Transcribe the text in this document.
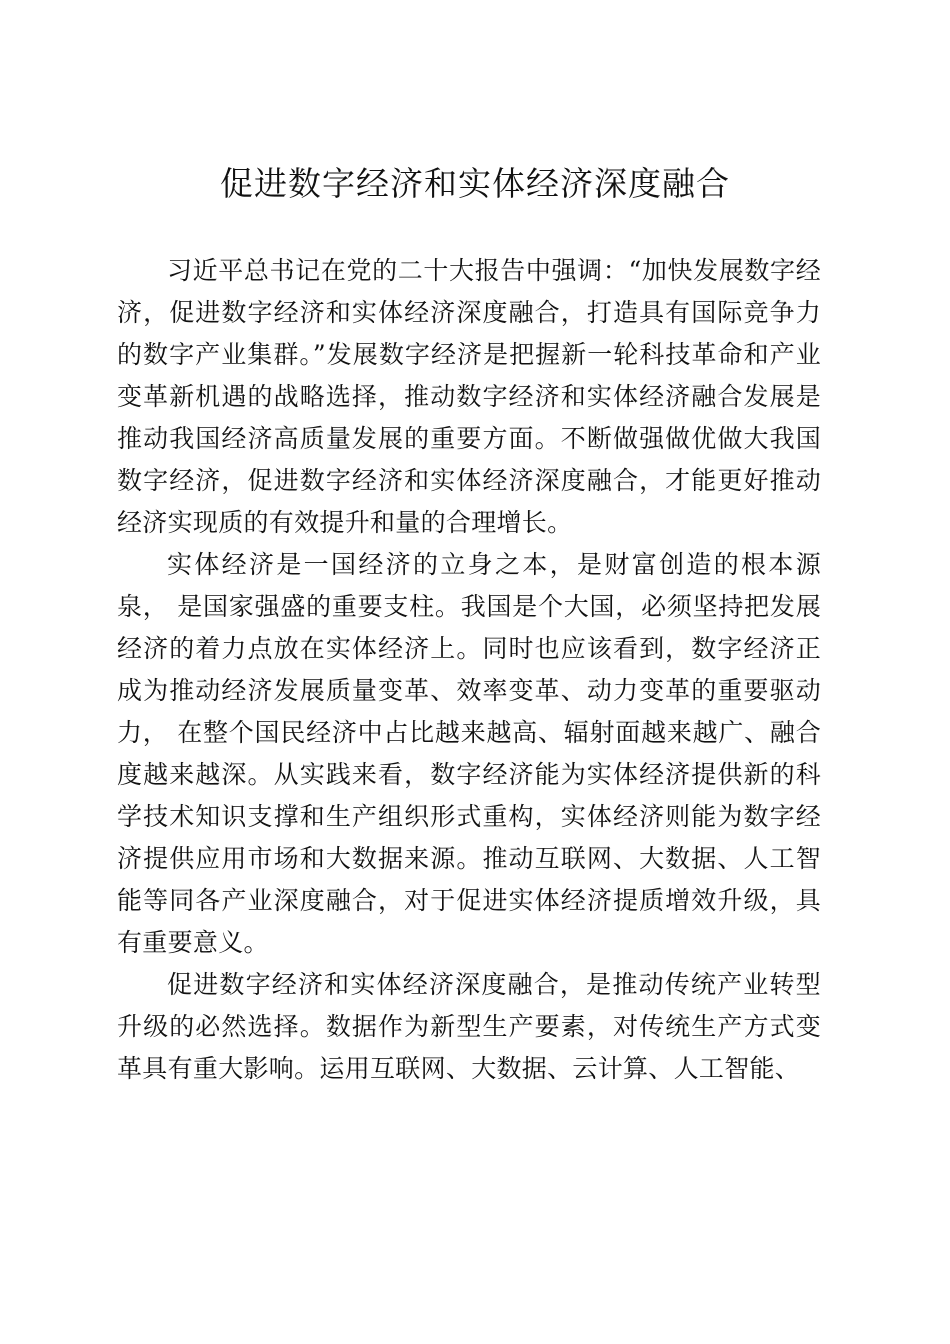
促进数字经济和实体经济深度融合

习近平总书记在党的二十大报告中强调：“加快发展数字经济，促进数字经济和实体经济深度融合，打造具有国际竞争力的数字产业集群。”发展数字经济是把握新一轮科技革命和产业变革新机遇的战略选择，推动数字经济和实体经济融合发展是推动我国经济高质量发展的重要方面。不断做强做优做大我国数字经济，促进数字经济和实体经济深度融合，才能更好推动经济实现质的有效提升和量的合理增长。

实体经济是一国经济的立身之本，是财富创造的根本源泉， 是国家强盛的重要支柱。我国是个大国，必须坚持把发展经济的着力点放在实体经济上。同时也应该看到，数字经济正成为推动经济发展质量变革、效率变革、动力变革的重要驱动力， 在整个国民经济中占比越来越高、辐射面越来越广、融合度越来越深。从实践来看，数字经济能为实体经济提供新的科学技术知识支撑和生产组织形式重构，实体经济则能为数字经济提供应用市场和大数据来源。推动互联网、大数据、人工智能等同各产业深度融合，对于促进实体经济提质增效升级，具有重要意义。

促进数字经济和实体经济深度融合，是推动传统产业转型升级的必然选择。数据作为新型生产要素，对传统生产方式变革具有重大影响。运用互联网、大数据、云计算、人工智能、
